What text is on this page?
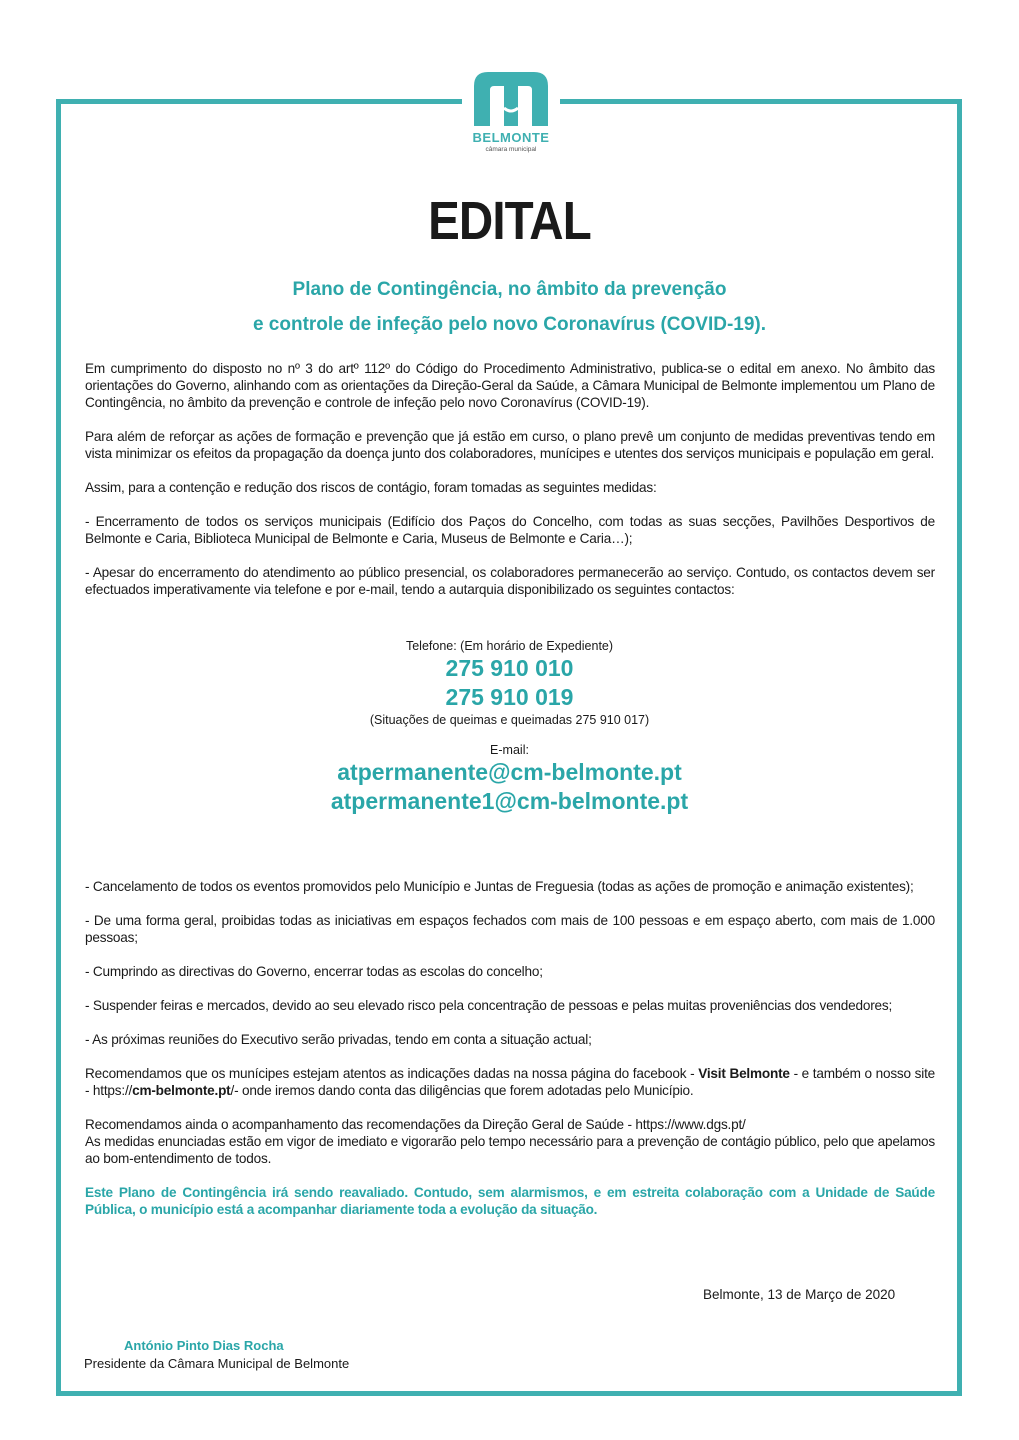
BELMONTE
câmara municipal
EDITAL
Plano de Contingência, no âmbito da prevenção
e controle de infeção pelo novo Coronavírus (COVID-19).

Em cumprimento do disposto no nº 3 do artº 112º do Código do Procedimento Administrativo, publica-se o edital em anexo. No âmbito das orientações do Governo, alinhando com as orientações da Direção-Geral da Saúde, a Câmara Municipal de Belmonte implementou um Plano de Contingência, no âmbito da prevenção e controle de infeção pelo novo Coronavírus (COVID-19).

Para além de reforçar as ações de formação e prevenção que já estão em curso, o plano prevê um conjunto de medidas preventivas tendo em vista minimizar os efeitos da propagação da doença junto dos colaboradores, munícipes e utentes dos serviços municipais e população em geral.

Assim, para a contenção e redução dos riscos de contágio, foram tomadas as seguintes medidas:

- Encerramento de todos os serviços municipais (Edifício dos Paços do Concelho, com todas as suas secções, Pavilhões Desportivos de Belmonte e Caria, Biblioteca Municipal de Belmonte e Caria, Museus de Belmonte e Caria…);

- Apesar do encerramento do atendimento ao público presencial, os colaboradores permanecerão ao serviço. Contudo, os contactos devem ser efectuados imperativamente via telefone e por e-mail, tendo a autarquia disponibilizado os seguintes contactos:

Telefone: (Em horário de Expediente)
275 910 010
275 910 019
(Situações de queimas e queimadas 275 910 017)
E-mail:
atpermanente@cm-belmonte.pt
atpermanente1@cm-belmonte.pt

- Cancelamento de todos os eventos promovidos pelo Município e Juntas de Freguesia (todas as ações de promoção e animação existentes);

- De uma forma geral, proibidas todas as iniciativas em espaços fechados com mais de 100 pessoas e em espaço aberto, com mais de 1.000 pessoas;

- Cumprindo as directivas do Governo, encerrar todas as escolas do concelho;

- Suspender feiras e mercados, devido ao seu elevado risco pela concentração de pessoas e pelas muitas proveniências dos vendedores;

- As próximas reuniões do Executivo serão privadas, tendo em conta a situação actual;

Recomendamos que os munícipes estejam atentos as indicações dadas na nossa página do facebook - Visit Belmonte - e também o nosso site - https://cm-belmonte.pt/- onde iremos dando conta das diligências que forem adotadas pelo Município.

Recomendamos ainda o acompanhamento das recomendações da Direção Geral de Saúde - https://www.dgs.pt/
As medidas enunciadas estão em vigor de imediato e vigorarão pelo tempo necessário para a prevenção de contágio público, pelo que apelamos ao bom-entendimento de todos.

Este Plano de Contingência irá sendo reavaliado. Contudo, sem alarmismos, e em estreita colaboração com a Unidade de Saúde Pública, o município está a acompanhar diariamente toda a evolução da situação.

Belmonte, 13 de Março de 2020
António Pinto Dias Rocha
Presidente da Câmara Municipal de Belmonte
